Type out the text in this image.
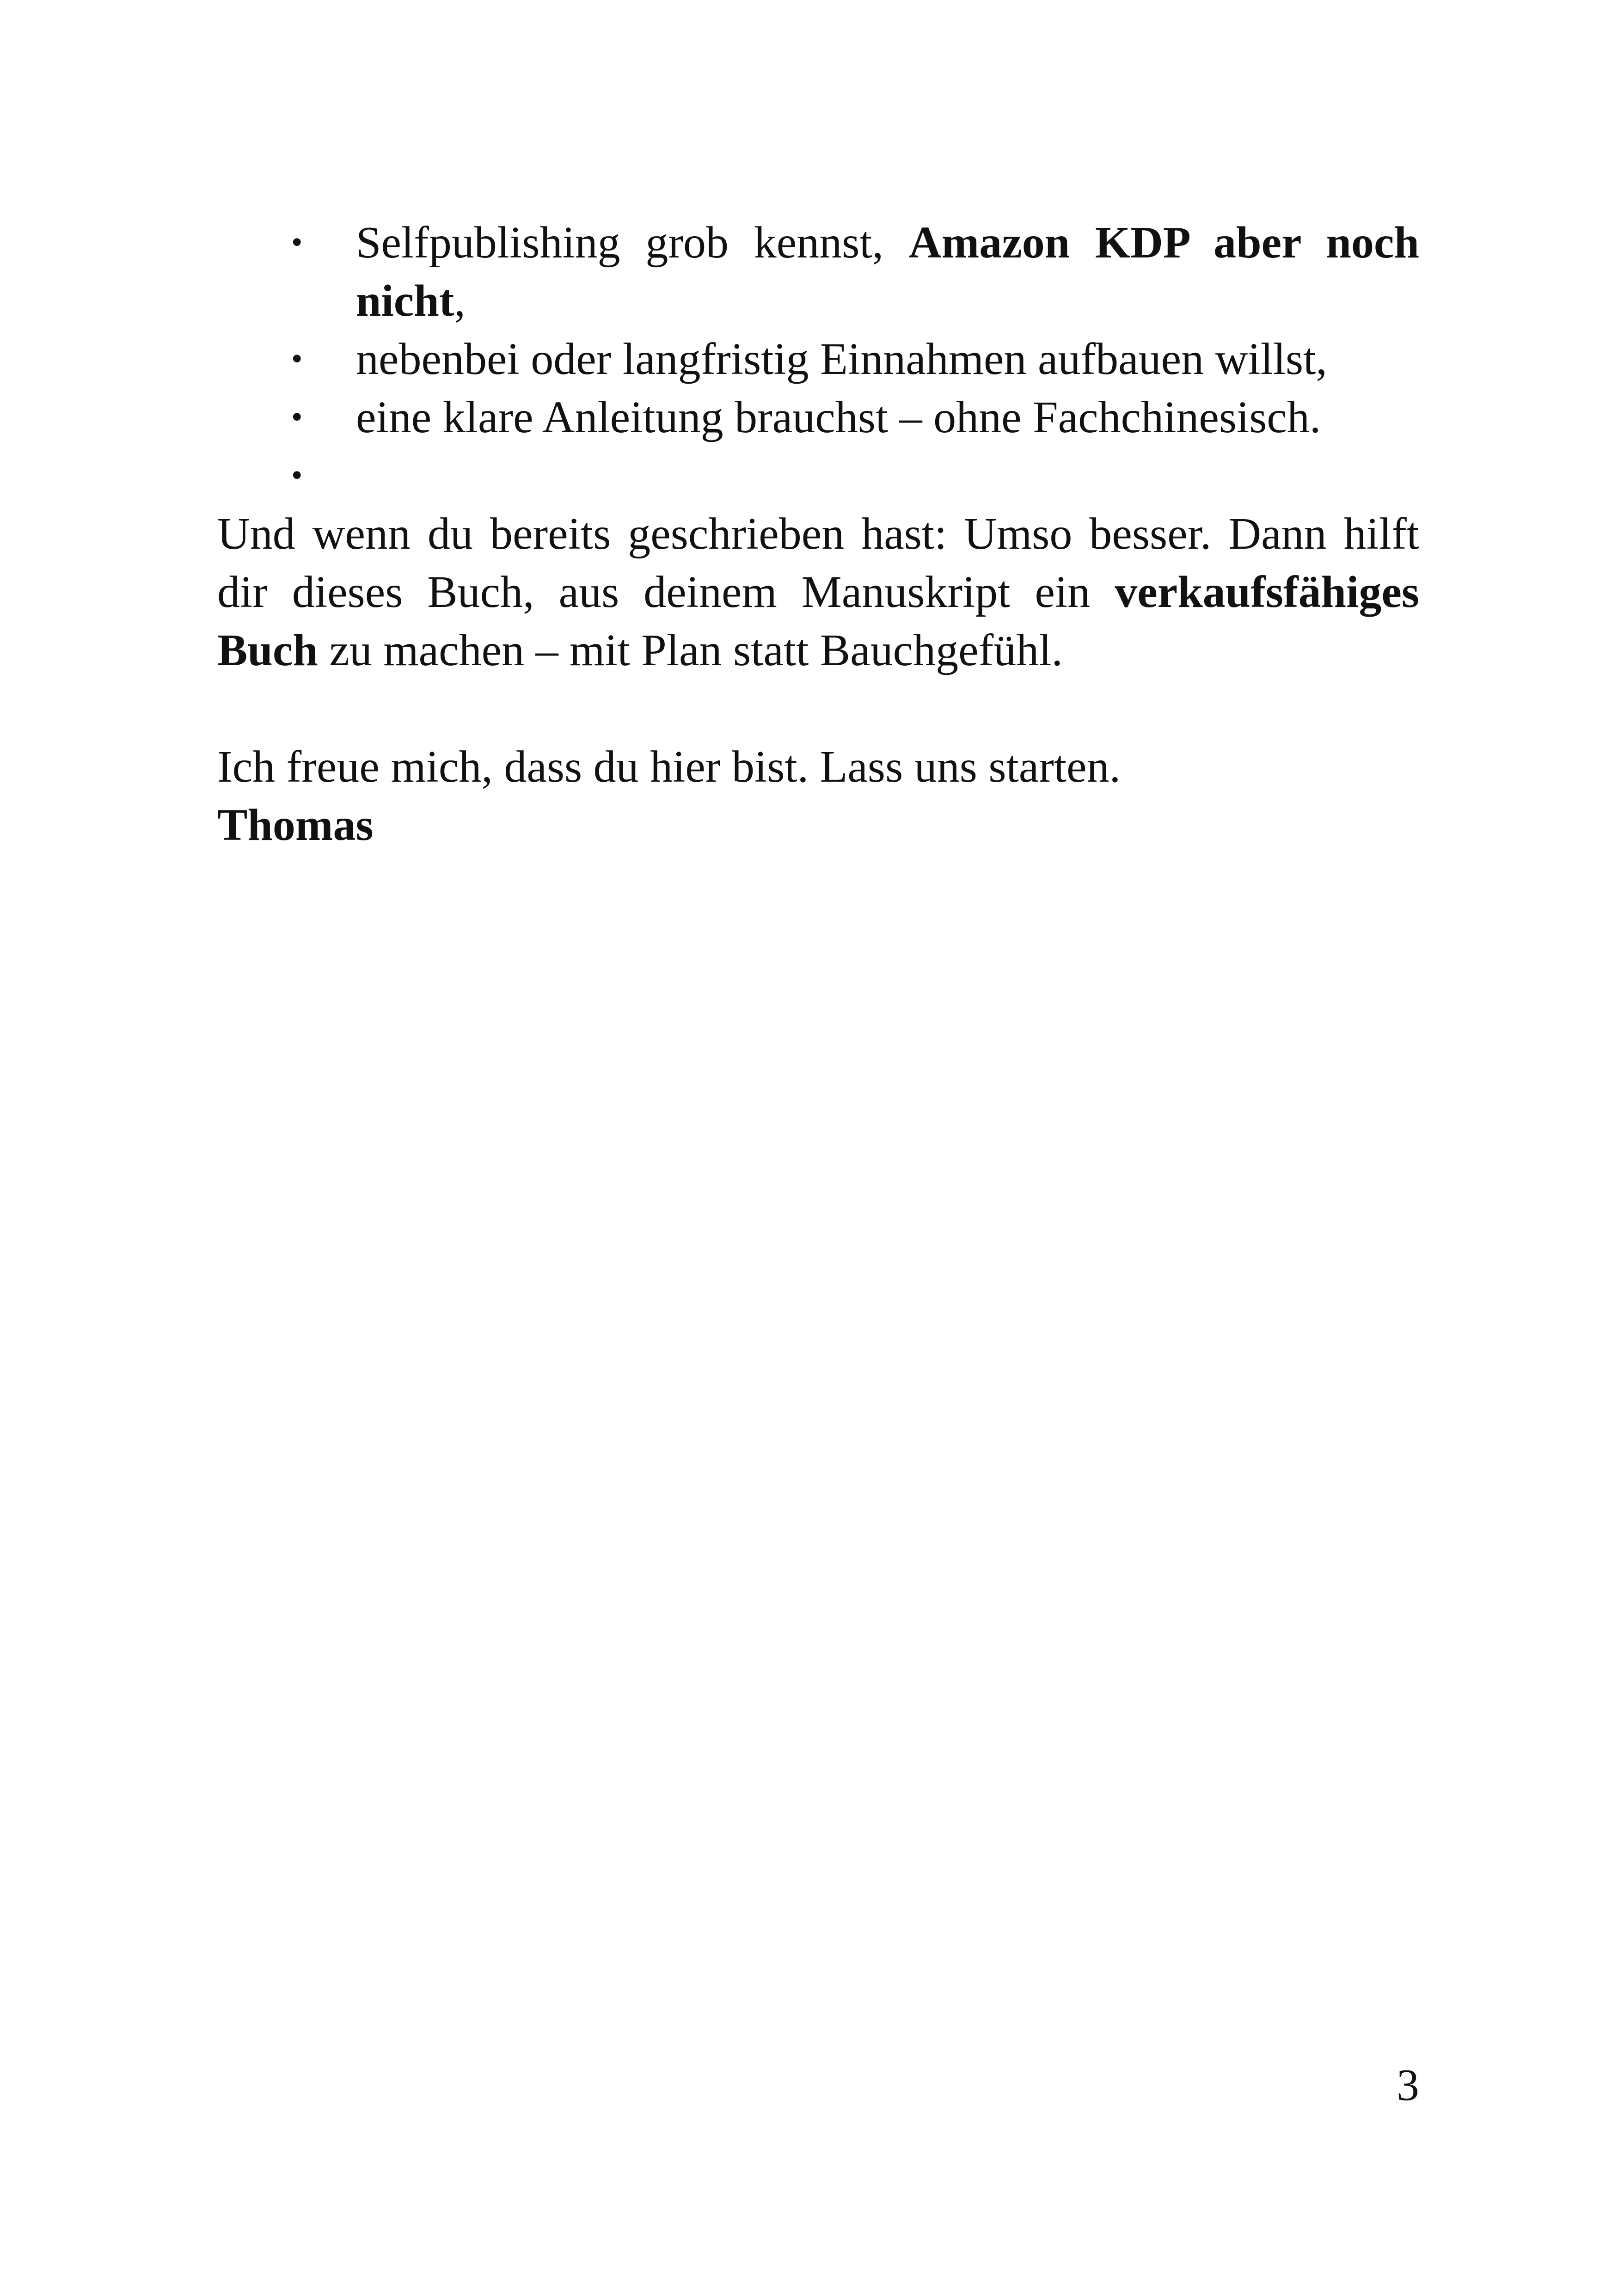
• Selfpublishing grob kennst, Amazon KDP aber noch nicht,
• nebenbei oder langfristig Einnahmen aufbauen willst,
• eine klare Anleitung brauchst – ohne Fachchinesisch.
•

Und wenn du bereits geschrieben hast: Umso besser. Dann hilft dir dieses Buch, aus deinem Manuskript ein verkaufsfähiges Buch zu machen – mit Plan statt Bauchgefühl.

Ich freue mich, dass du hier bist. Lass uns starten.

Thomas

3
